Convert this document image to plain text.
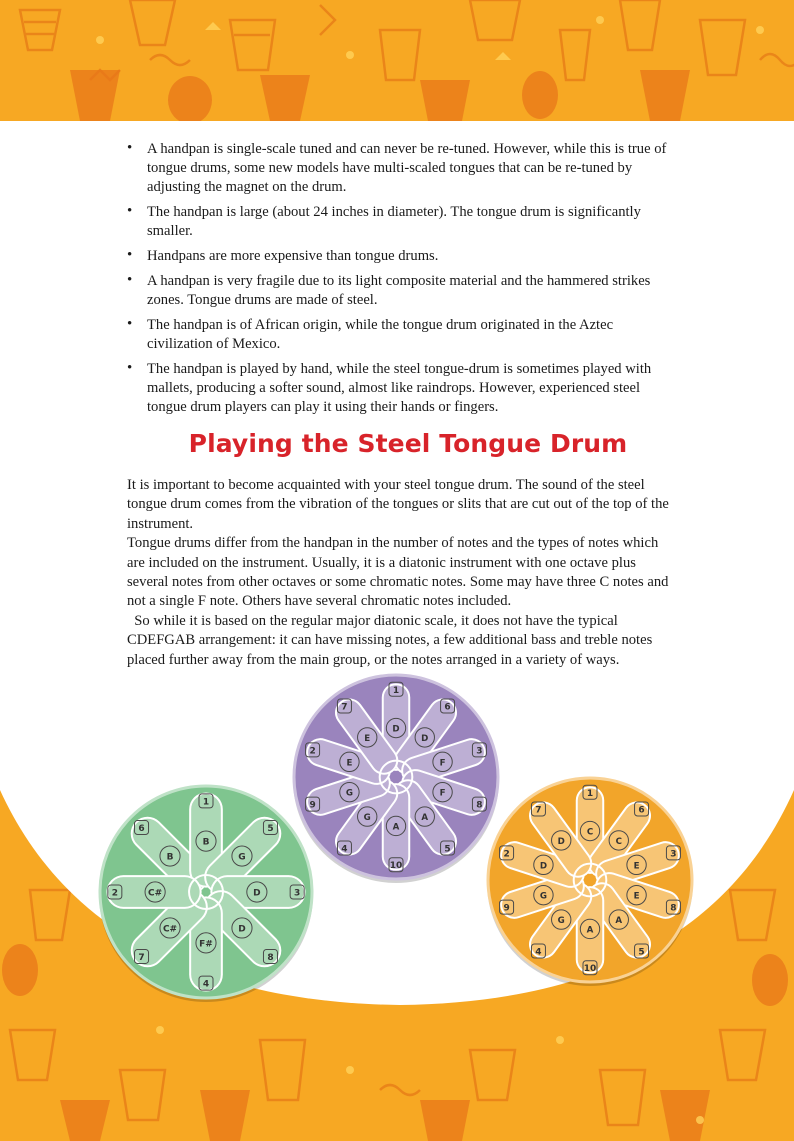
• A handpan is single-scale tuned and can never be re-tuned. However, while this is true of tongue drums, some new models have multi-scaled tongues that can be re-tuned by adjusting the magnet on the drum.
• The handpan is large (about 24 inches in diameter). The tongue drum is significantly smaller.
• Handpans are more expensive than tongue drums.
• A handpan is very fragile due to its light composite material and the hammered strikes zones. Tongue drums are made of steel.
• The handpan is of African origin, while the tongue drum originated in the Aztec civilization of Mexico.
• The handpan is played by hand, while the steel tongue-drum is sometimes played with mallets, producing a softer sound, almost like raindrops. However, experienced steel tongue drum players can play it using their hands or fingers.
Playing the Steel Tongue Drum

It is important to become acquainted with your steel tongue drum. The sound of the steel tongue drum comes from the vibration of the tongues or slits that are cut out of the top of the instrument.

Tongue drums differ from the handpan in the number of notes and the types of notes which are included on the instrument. Usually, it is a diatonic instrument with one octave plus several notes from other octaves or some chromatic notes. Some may have three C notes and not a single F note. Others have several chromatic notes included.

So while it is based on the regular major diatonic scale, it does not have the typical CDEFGAB arrangement: it can have missing notes, a few additional bass and treble notes placed further away from the main group, or the notes arranged in a variety of ways.

B
6
B
1
G
5
D	3
D
8
F#
4
C#
7
C#
2
D
1
D
6
F
3
F
8
A
5
A
10
G
4
G
9
E
2
E
7
C
1
C
6
E
3
E
8
A
5
A
10
G
4
G
9
D
2
D
7
